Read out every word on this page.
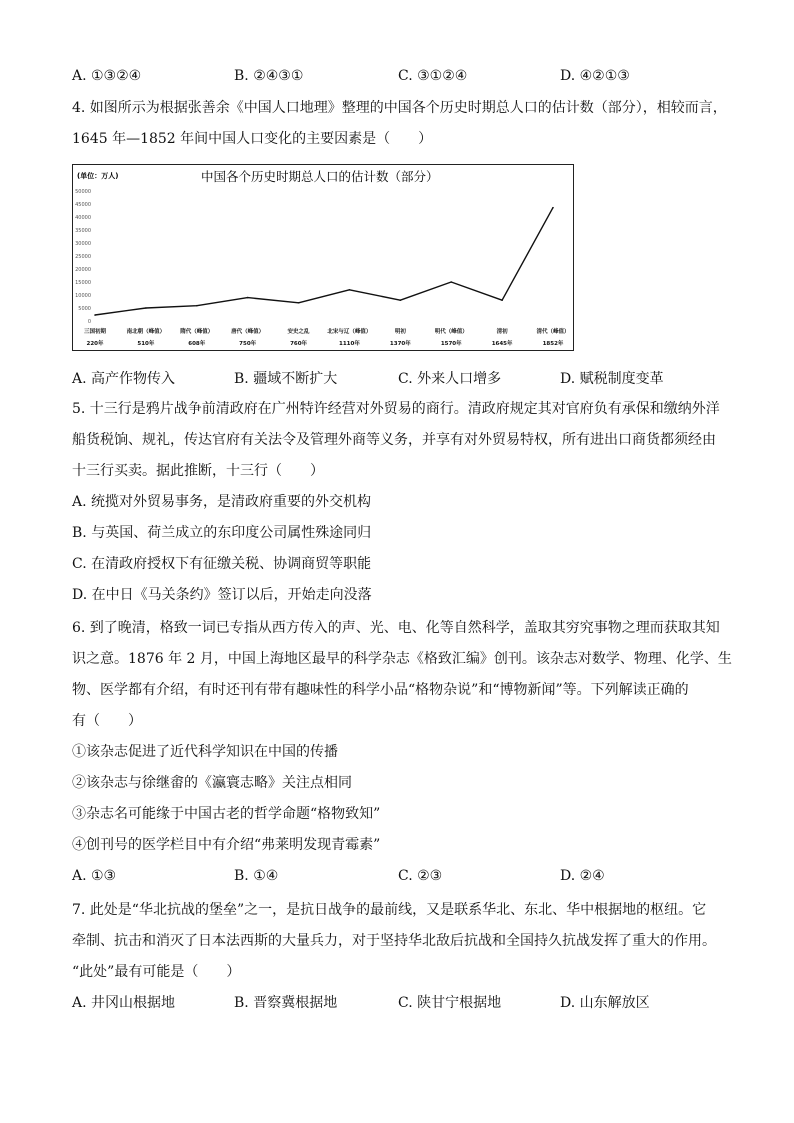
A. ①③②④	B. ②④③①	C. ③①②④	D. ④②①③
4. 如图所示为根据张善余《中国人口地理》整理的中国各个历史时期总人口的估计数（部分），相较而言，
1645 年—1852 年间中国人口变化的主要因素是（　　）
(单位：万人)	中国各个历史时期总人口的估计数（部分）
50000
45000
40000
35000
30000
25000
20000
15000
10000
5000
0
三国初期
220年
南北朝（峰值）
510年
隋代（峰值）
608年
唐代（峰值）
750年
安史之乱
760年
北宋与辽（峰值）
1110年
明初
1370年
明代（峰值）
1570年
清初
1645年
清代（峰值）
1852年
A. 高产作物传入	B. 疆域不断扩大	C. 外来人口增多	D. 赋税制度变革
5. 十三行是鸦片战争前清政府在广州特许经营对外贸易的商行。清政府规定其对官府负有承保和缴纳外洋
船货税饷、规礼，传达官府有关法令及管理外商等义务，并享有对外贸易特权，所有进出口商货都须经由
十三行买卖。据此推断，十三行（　　）
A. 统揽对外贸易事务，是清政府重要的外交机构
B. 与英国、荷兰成立的东印度公司属性殊途同归
C. 在清政府授权下有征缴关税、协调商贸等职能
D. 在中日《马关条约》签订以后，开始走向没落
6. 到了晚清，格致一词已专指从西方传入的声、光、电、化等自然科学，盖取其穷究事物之理而获取其知
识之意。1876 年 2 月，中国上海地区最早的科学杂志《格致汇编》创刊。该杂志对数学、物理、化学、生
物、医学都有介绍，有时还刊有带有趣味性的科学小品“格物杂说”和“博物新闻”等。下列解读正确的
有（　　）
①该杂志促进了近代科学知识在中国的传播
②该杂志与徐继畬的《瀛寰志略》关注点相同
③杂志名可能缘于中国古老的哲学命题“格物致知”
④创刊号的医学栏目中有介绍“弗莱明发现青霉素”
A. ①③	B. ①④	C. ②③	D. ②④
7. 此处是“华北抗战的堡垒”之一，是抗日战争的最前线，又是联系华北、东北、华中根据地的枢纽。它
牵制、抗击和消灭了日本法西斯的大量兵力，对于坚持华北敌后抗战和全国持久抗战发挥了重大的作用。
“此处”最有可能是（　　）
A. 井冈山根据地	B. 晋察冀根据地	C. 陕甘宁根据地	D. 山东解放区
